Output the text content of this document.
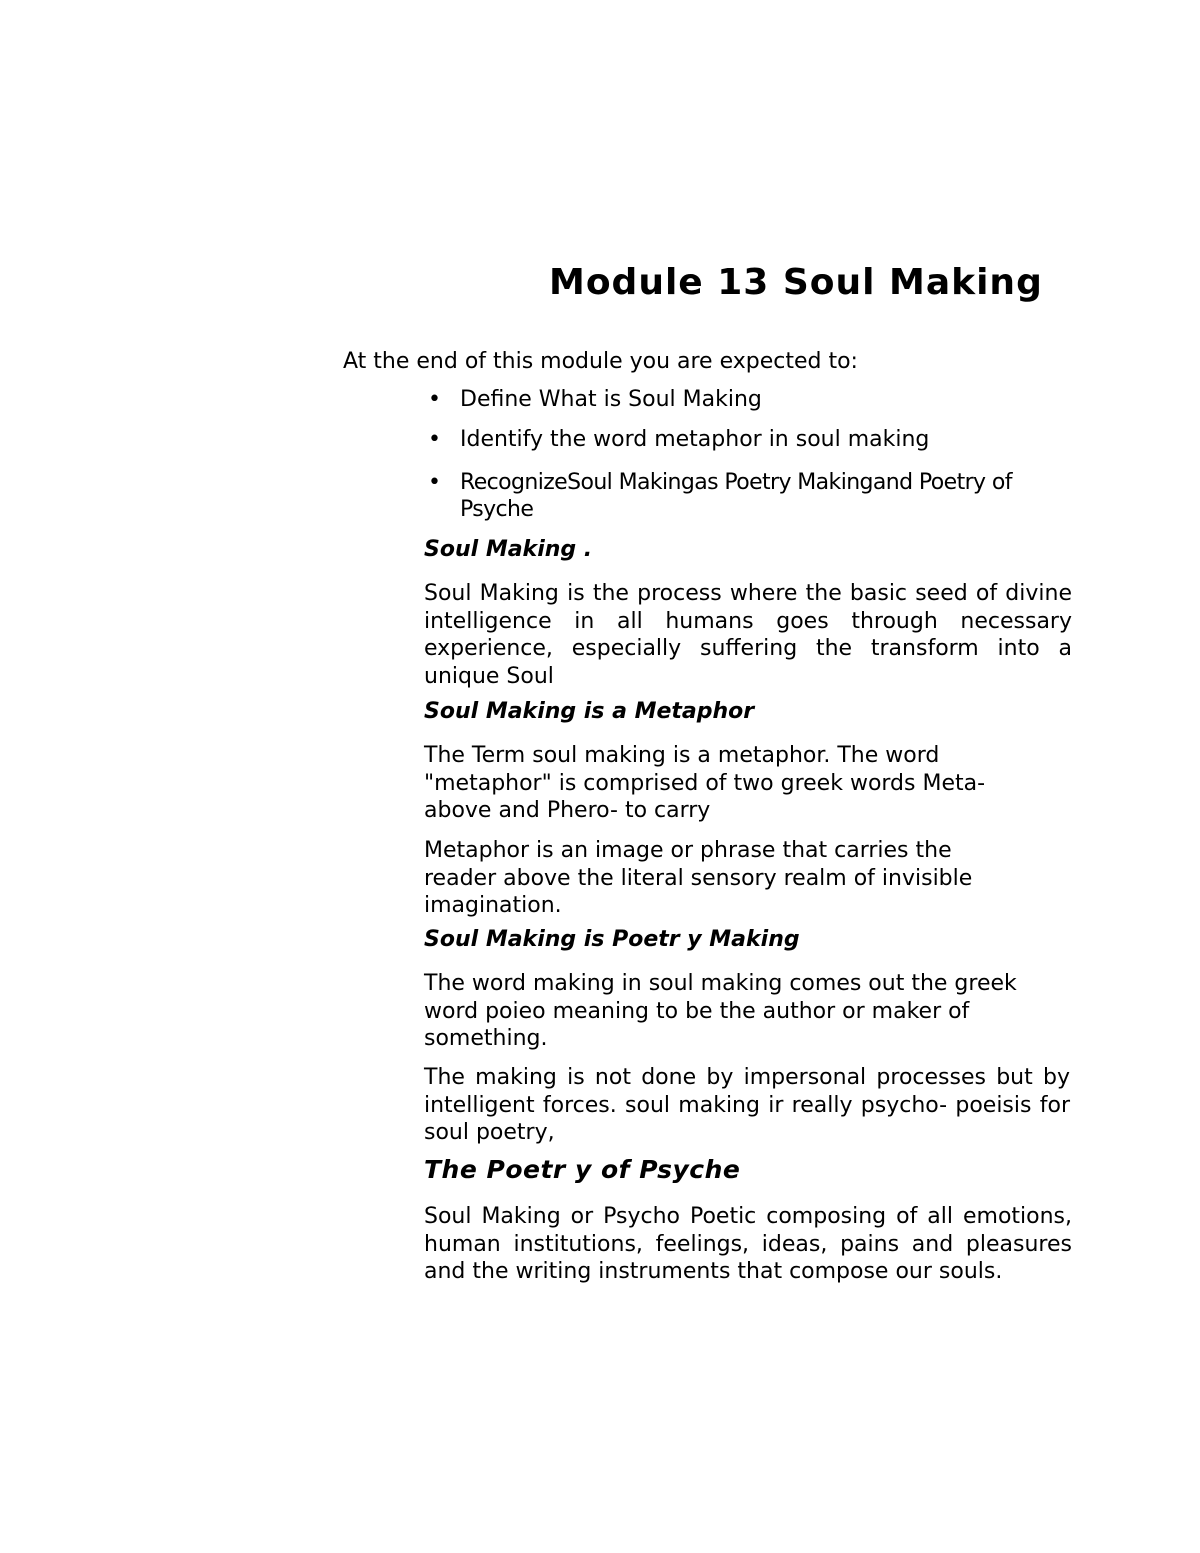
Module 13 Soul Making

At the end of this module you are expected to:

• Define What is Soul Making
• Identify the word metaphor in soul making
• RecognizeSoul Makingas Poetry Makingand Poetry of Psyche
Soul Making .

Soul Making is the process where the basic seed of divine intelligence in all humans goes through necessary experience, especially suffering the transform into a unique Soul

Soul Making is a Metaphor

The Term soul making is a metaphor. The word "metaphor" is comprised of two greek words Meta- above and Phero- to carry

Metaphor is an image or phrase that carries the reader above the literal sensory realm of invisible imagination.

Soul Making is Poetr y Making

The word making in soul making comes out the greek word poieo meaning to be the author or maker of something.

The making is not done by impersonal processes but by intelligent forces. soul making ir really psycho- poeisis for soul poetry,

The Poetr y of Psyche

Soul Making or Psycho Poetic composing of all emotions, human institutions, feelings, ideas, pains and pleasures and the writing instruments that compose our souls.
